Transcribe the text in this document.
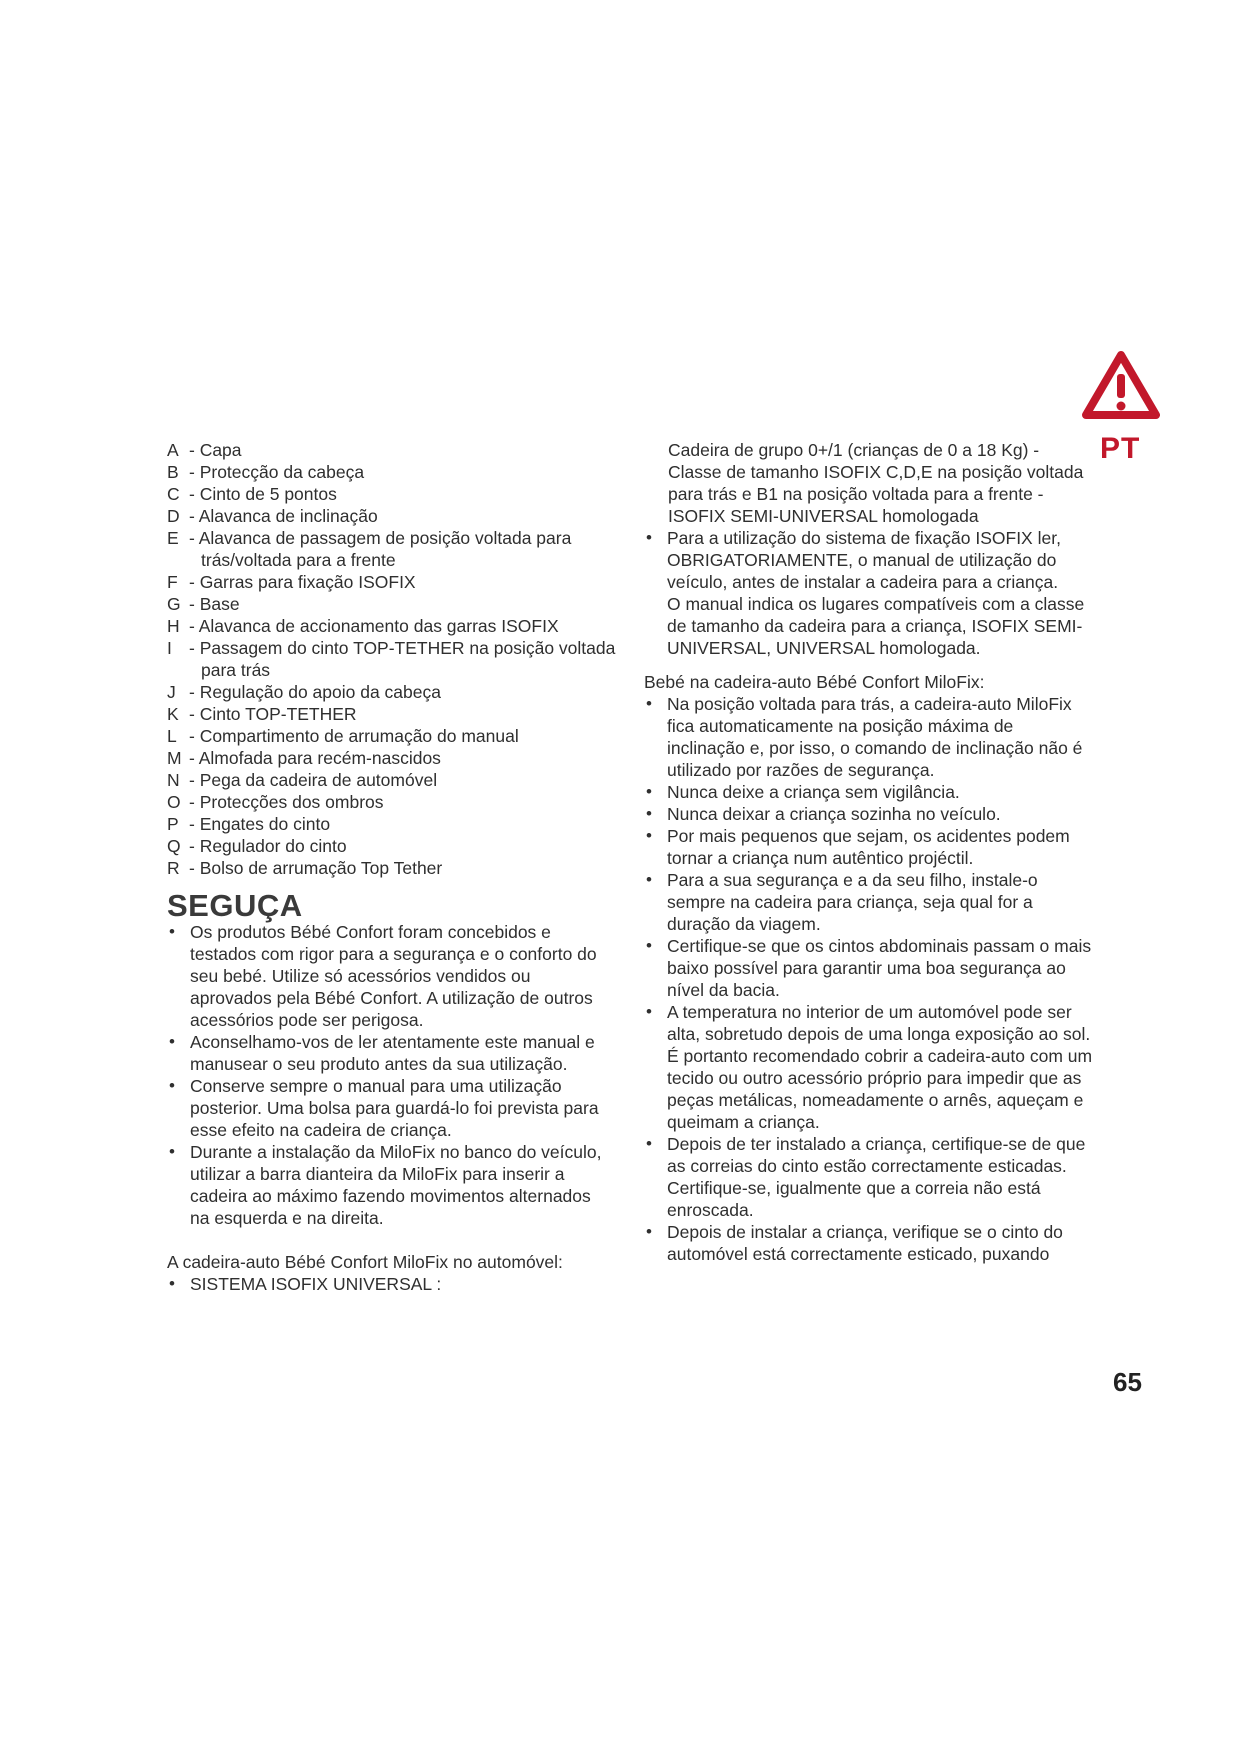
A - Capa
B - Protecção da cabeça
C - Cinto de 5 pontos
D - Alavanca de inclinação
E - Alavanca de passagem de posição voltada para
trás/voltada para a frente
F - Garras para fixação ISOFIX
G - Base
H - Alavanca de accionamento das garras ISOFIX
I - Passagem do cinto TOP-TETHER na posição voltada
para trás
J - Regulação do apoio da cabeça
K - Cinto TOP-TETHER
L - Compartimento de arrumação do manual
M - Almofada para recém-nascidos
N - Pega da cadeira de automóvel
O - Protecções dos ombros
P - Engates do cinto
Q - Regulador do cinto
R - Bolso de arrumação Top Tether
SEGUÇA
• Os produtos Bébé Confort foram concebidos e testados com rigor para a segurança e o conforto do seu bebé. Utilize só acessórios vendidos ou aprovados pela Bébé Confort. A utilização de outros acessórios pode ser perigosa.
• Aconselhamo-vos de ler atentamente este manual e manusear o seu produto antes da sua utilização.
• Conserve sempre o manual para uma utilização posterior. Uma bolsa para guardá-lo foi prevista para esse efeito na cadeira de criança.
• Durante a instalação da MiloFix no banco do veículo, utilizar a barra dianteira da MiloFix para inserir a cadeira ao máximo fazendo movimentos alternados na esquerda e na direita.
A cadeira-auto Bébé Confort MiloFix no automóvel:
• SISTEMA ISOFIX UNIVERSAL :

Cadeira de grupo 0+/1 (crianças de 0 a 18 Kg) - Classe de tamanho ISOFIX C,D,E na posição voltada para trás e B1 na posição voltada para a frente - ISOFIX SEMI-UNIVERSAL homologada

• Para a utilização do sistema de fixação ISOFIX ler, OBRIGATORIAMENTE, o manual de utilização do veículo, antes de instalar a cadeira para a criança.
O manual indica os lugares compatíveis com a classe de tamanho da cadeira para a criança, ISOFIX SEMI-UNIVERSAL, UNIVERSAL homologada.
Bebé na cadeira-auto Bébé Confort MiloFix:
• Na posição voltada para trás, a cadeira-auto MiloFix fica automaticamente na posição máxima de inclinação e, por isso, o comando de inclinação não é utilizado por razões de segurança.
• Nunca deixe a criança sem vigilância.
• Nunca deixar a criança sozinha no veículo.
• Por mais pequenos que sejam, os acidentes podem tornar a criança num autêntico projéctil.
• Para a sua segurança e a da seu filho, instale-o sempre na cadeira para criança, seja qual for a duração da viagem.
• Certifique-se que os cintos abdominais passam o mais baixo possível para garantir uma boa segurança ao nível da bacia.
• A temperatura no interior de um automóvel pode ser alta, sobretudo depois de uma longa exposição ao sol. É portanto recomendado cobrir a cadeira-auto com um tecido ou outro acessório próprio para impedir que as peças metálicas, nomeadamente o arnês, aqueçam e queimam a criança.
• Depois de ter instalado a criança, certifique-se de que as correias do cinto estão correctamente esticadas. Certifique-se, igualmente que a correia não está enroscada.
• Depois de instalar a criança, verifique se o cinto do automóvel está correctamente esticado, puxando
PT
65
